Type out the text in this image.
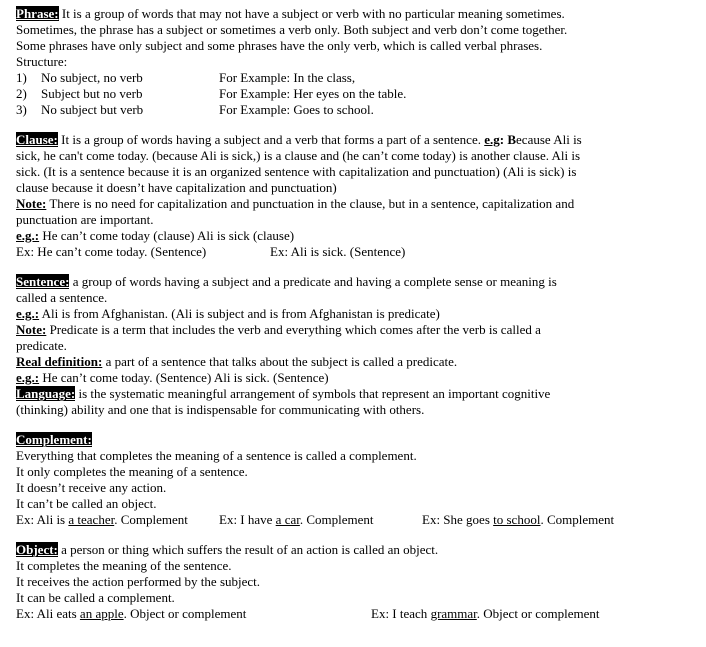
Phrase: It is a group of words that may not have a subject or verb with no particular meaning sometimes.

Sometimes, the phrase has a subject or sometimes a verb only. Both subject and verb don’t come together.

Some phrases have only subject and some phrases have the only verb, which is called verbal phrases.

Structure:

1)	No subject, no verb	For Example: In the class,
2)	Subject but no verb	For Example: Her eyes on the table.
3)	No subject but verb	For Example: Goes to school.

Clause: It is a group of words having a subject and a verb that forms a part of a sentence. e.g: Because Ali is

sick, he can't come today. (because Ali is sick,) is a clause and (he can’t come today) is another clause. Ali is

sick. (It is a sentence because it is an organized sentence with capitalization and punctuation) (Ali is sick) is

clause because it doesn’t have capitalization and punctuation)

Note: There is no need for capitalization and punctuation in the clause, but in a sentence, capitalization and

punctuation are important.

e.g.: He can’t come today (clause) Ali is sick (clause)

Ex: He can’t come today. (Sentence)	Ex: Ali is sick. (Sentence)

Sentence: a group of words having a subject and a predicate and having a complete sense or meaning is

called a sentence.

e.g.: Ali is from Afghanistan. (Ali is subject and is from Afghanistan is predicate)

Note: Predicate is a term that includes the verb and everything which comes after the verb is called a

predicate.

Real definition: a part of a sentence that talks about the subject is called a predicate.

e.g.: He can’t come today. (Sentence) Ali is sick. (Sentence)

Language: is the systematic meaningful arrangement of symbols that represent an important cognitive

(thinking) ability and one that is indispensable for communicating with others.

Complement:

Everything that completes the meaning of a sentence is called a complement.

It only completes the meaning of a sentence.

It doesn’t receive any action.

It can’t be called an object.

Ex: Ali is a teacher. Complement	Ex: I have a car. Complement	Ex: She goes to school. Complement

Object: a person or thing which suffers the result of an action is called an object.

It completes the meaning of the sentence.

It receives the action performed by the subject.

It can be called a complement.

Ex: Ali eats an apple. Object or complement	Ex: I teach grammar. Object or complement
